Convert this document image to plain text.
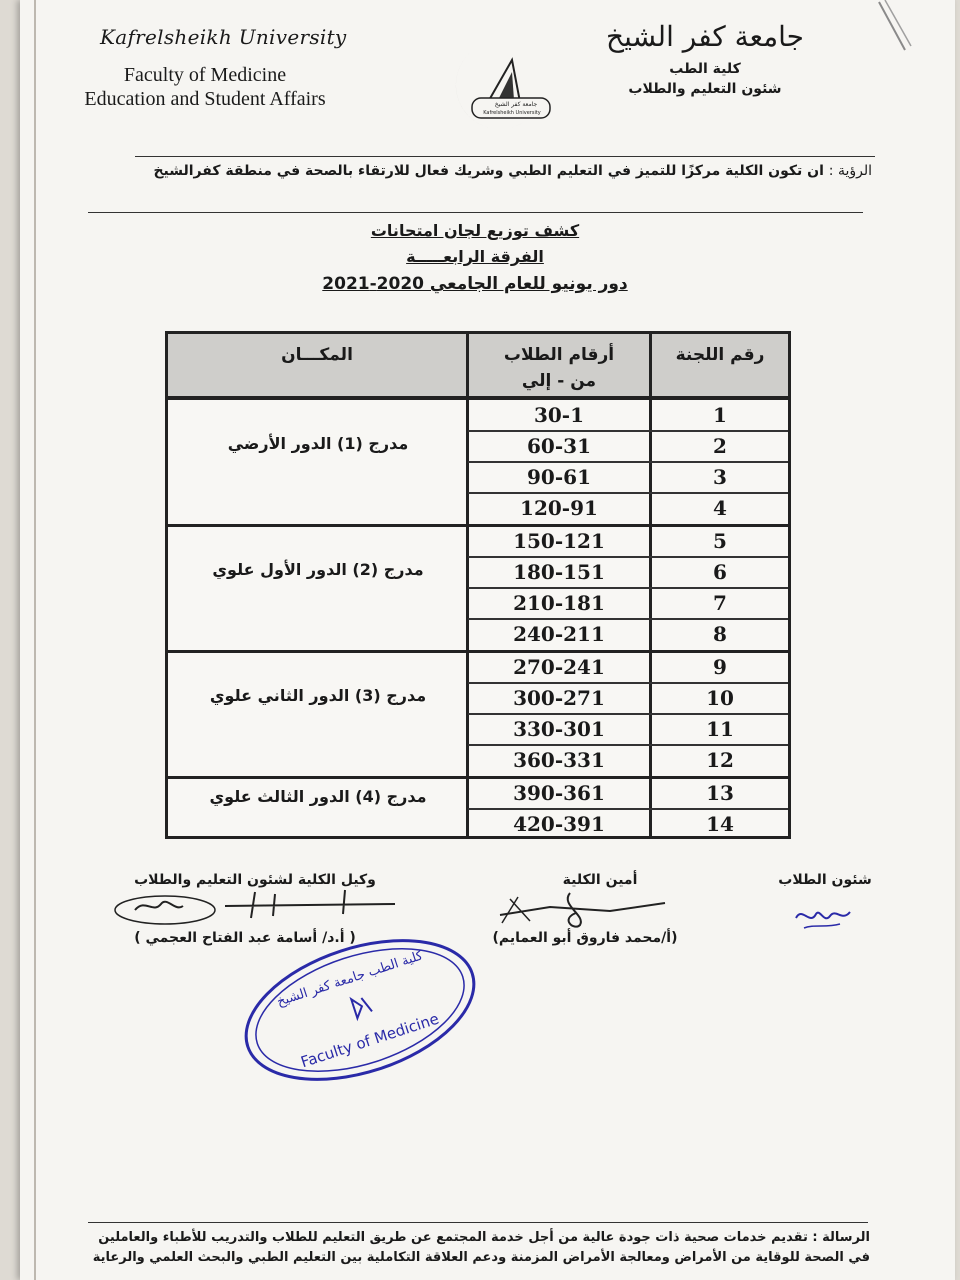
Kafrelsheikh University
Faculty of Medicine
Education and Student Affairs	جامعة كفر الشيخ
Kafrelsheikh University
جامعة كفر الشيخ
كلية الطب
شئون التعليم والطلاب
الرؤية : ان تكون الكلية مركزًا للتميز في التعليم الطبي وشريك فعال للارتقاء بالصحة في منطقة كفرالشيخ
كشف توزيع لجان امتحانات
الفرقة الرابعـــــة
دور يونيو للعام الجامعي 2020-2021
رقم اللجنة
أرقام الطلاب
من - إلي
المكـــان
1
30-1
2
60-31
3
90-61
4
120-91
5
150-121
6
180-151
7
210-181
8
240-211
9
270-241
10
300-271
11
330-301
12
360-331
13
390-361
14
420-391
مدرج (1) الدور الأرضي
مدرج (2) الدور الأول علوي
مدرج (3) الدور الثاني علوي
مدرج (4) الدور الثالث علوي
شئون الطلاب
أمين الكلية
(أ/محمد فاروق أبو العمايم)
وكيل الكلية لشئون التعليم والطلاب
( أ.د/ أسامة عبد الفتاح العجمي )
كلية الطب جامعة كفر الشيخ
Faculty of Medicine
الرسالة : تقديم خدمات صحية ذات جودة عالية من أجل خدمة المجتمع عن طريق التعليم للطلاب والتدريب للأطباء والعاملين
في الصحة للوقاية من الأمراض ومعالجة الأمراض المزمنة ودعم العلاقة التكاملية بين التعليم الطبي والبحث العلمي والرعاية
